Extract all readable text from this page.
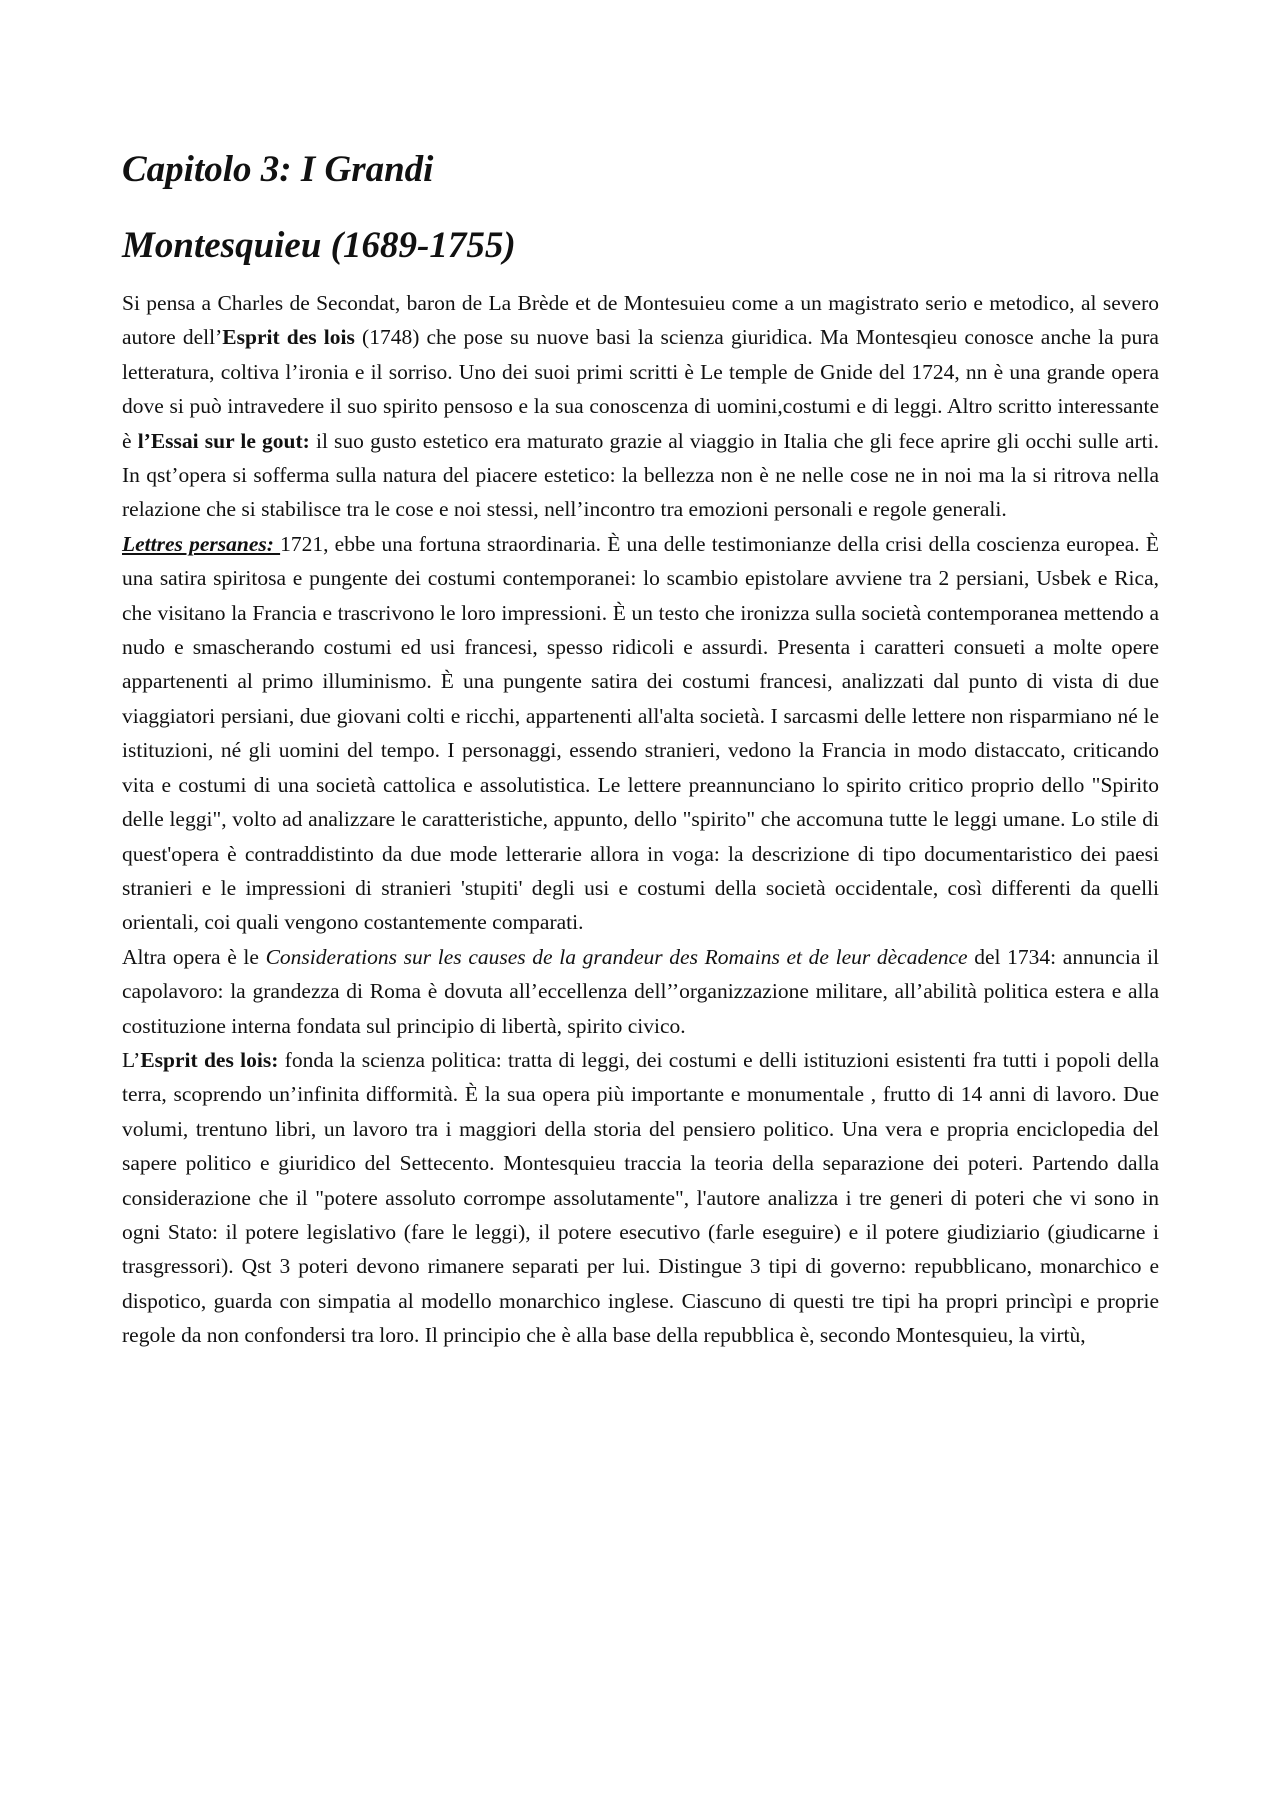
Capitolo 3: I Grandi
Montesquieu (1689-1755)

Si pensa a Charles de Secondat, baron de La Brède et de Montesuieu come a un magistrato serio e metodico, al severo autore dell’Esprit des lois (1748) che pose su nuove basi la scienza giuridica. Ma Montesqieu conosce anche la pura letteratura, coltiva l’ironia e il sorriso. Uno dei suoi primi scritti è Le temple de Gnide del 1724, nn è una grande opera dove si può intravedere il suo spirito pensoso e la sua conoscenza di uomini,costumi e di leggi. Altro scritto interessante è l’Essai sur le gout: il suo gusto estetico era maturato grazie al viaggio in Italia che gli fece aprire gli occhi sulle arti. In qst’opera si sofferma sulla natura del piacere estetico: la bellezza non è ne nelle cose ne in noi ma la si ritrova nella relazione che si stabilisce tra le cose e noi stessi, nell’incontro tra emozioni personali e regole generali.

Lettres persanes: 1721, ebbe una fortuna straordinaria. È una delle testimonianze della crisi della coscienza europea. È una satira spiritosa e pungente dei costumi contemporanei: lo scambio epistolare avviene tra 2 persiani, Usbek e Rica, che visitano la Francia e trascrivono le loro impressioni. È un testo che ironizza sulla società contemporanea mettendo a nudo e smascherando costumi ed usi francesi, spesso ridicoli e assurdi. Presenta i caratteri consueti a molte opere appartenenti al primo illuminismo. È una pungente satira dei costumi francesi, analizzati dal punto di vista di due viaggiatori persiani, due giovani colti e ricchi, appartenenti all'alta società. I sarcasmi delle lettere non risparmiano né le istituzioni, né gli uomini del tempo. I personaggi, essendo stranieri, vedono la Francia in modo distaccato, criticando vita e costumi di una società cattolica e assolutistica. Le lettere preannunciano lo spirito critico proprio dello "Spirito delle leggi", volto ad analizzare le caratteristiche, appunto, dello "spirito" che accomuna tutte le leggi umane. Lo stile di quest'opera è contraddistinto da due mode letterarie allora in voga: la descrizione di tipo documentaristico dei paesi stranieri e le impressioni di stranieri 'stupiti' degli usi e costumi della società occidentale, così differenti da quelli orientali, coi quali vengono costantemente comparati.

Altra opera è le Considerations sur les causes de la grandeur des Romains et de leur dècadence del 1734: annuncia il capolavoro: la grandezza di Roma è dovuta all’eccellenza dell’’organizzazione militare, all’abilità politica estera e alla costituzione interna fondata sul principio di libertà, spirito civico.

L’Esprit des lois: fonda la scienza politica: tratta di leggi, dei costumi e delli istituzioni esistenti fra tutti i popoli della terra, scoprendo un’infinita difformità. È la sua opera più importante e monumentale , frutto di 14 anni di lavoro. Due volumi, trentuno libri, un lavoro tra i maggiori della storia del pensiero politico. Una vera e propria enciclopedia del sapere politico e giuridico del Settecento. Montesquieu traccia la teoria della separazione dei poteri. Partendo dalla considerazione che il "potere assoluto corrompe assolutamente", l'autore analizza i tre generi di poteri che vi sono in ogni Stato: il potere legislativo (fare le leggi), il potere esecutivo (farle eseguire) e il potere giudiziario (giudicarne i trasgressori). Qst 3 poteri devono rimanere separati per lui. Distingue 3 tipi di governo: repubblicano, monarchico e dispotico, guarda con simpatia al modello monarchico inglese. Ciascuno di questi tre tipi ha propri princìpi e proprie regole da non confondersi tra loro. Il principio che è alla base della repubblica è, secondo Montesquieu, la virtù,
